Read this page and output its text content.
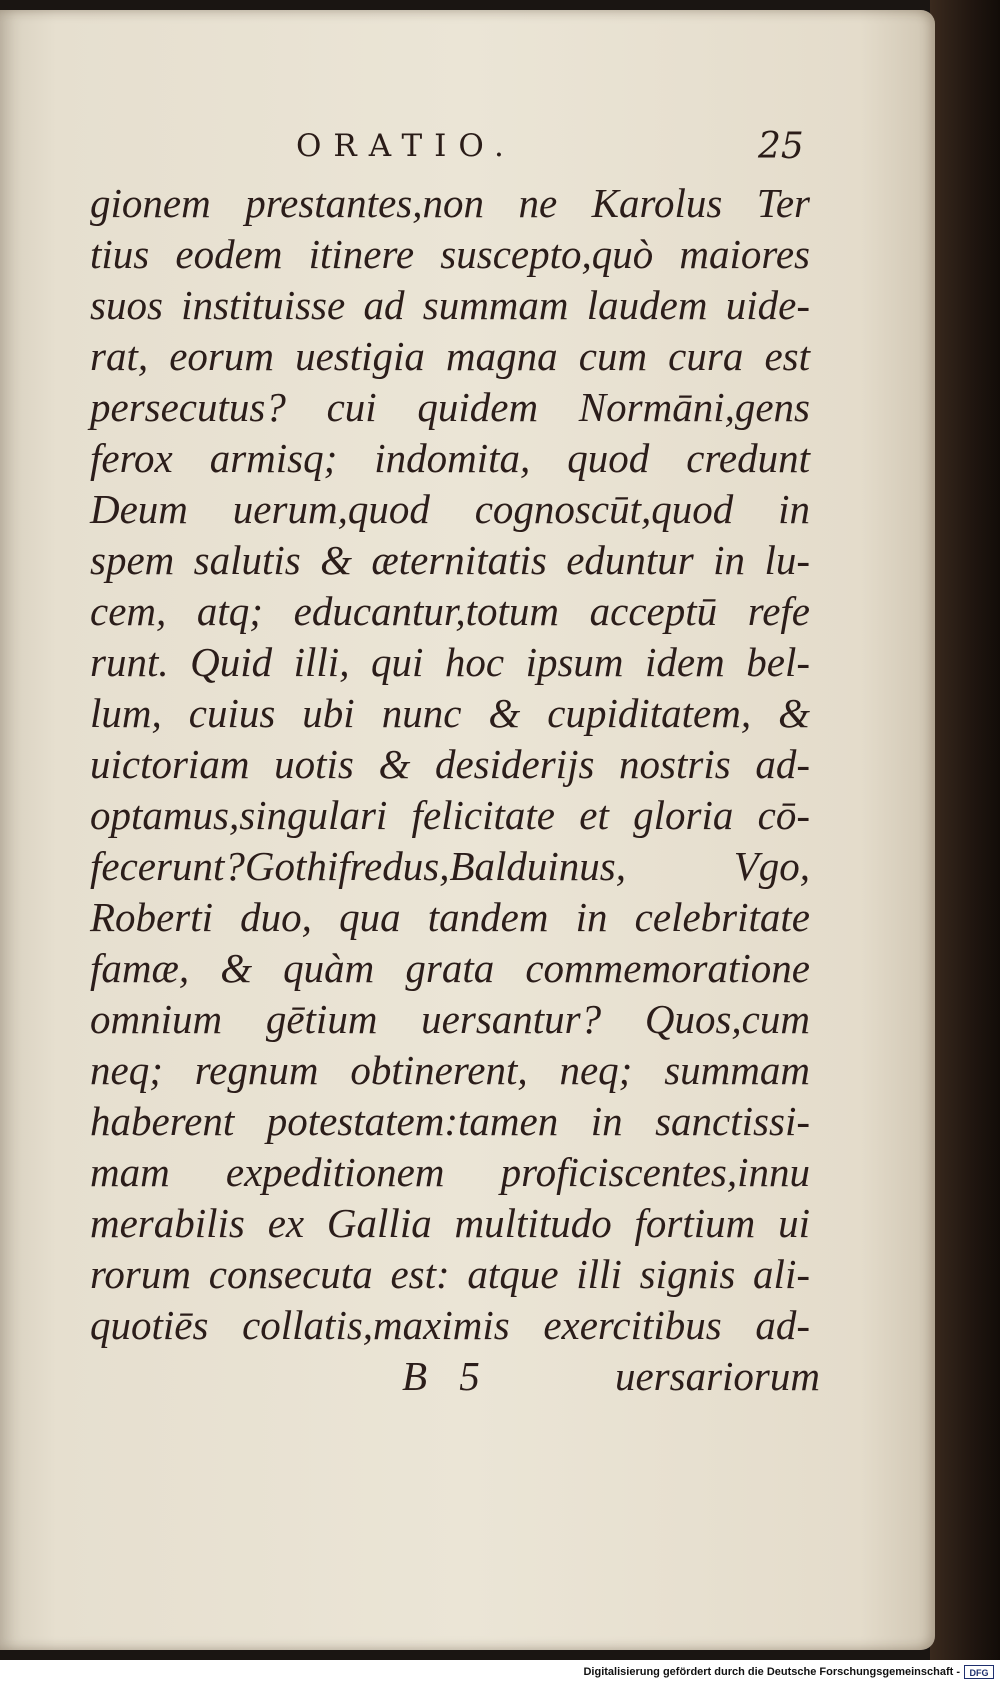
ORATIO.	25
gionem prestantes,non ne Karolus Ter
tius eodem itinere susсepto,quò maiores
suos instituisse ad summam laudem uide-
rat, eorum uestigia magna cum cura est
persecutus? cui quidem Normāni,gens
ferox armisq; indomita, quod credunt
Deum uerum,quod cognoscūt,quod in
spem salutis & æternitatis eduntur in lu-
cem, atq; educantur,totum acceptū refe
runt. Quid illi, qui hoc ipsum idem bel-
lum, cuius ubi nunc & cupiditatem, &
uictoriam uotis & desiderijs nostris ad-
optamus,singulari felicitate et gloria cō-
fecerunt?Gothifredus,Balduinus, Vgo,
Roberti duo, qua tandem in celebritate
famæ, & quàm grata commemoratione
omnium gētium uersantur? Quos,cum
neq; regnum obtinerent, neq; summam
haberent potestatem:tamen in sanctissi-
mam expeditionem proficiscentes,innu
merabilis ex Gallia multitudo fortium ui
rorum consecuta est: atque illi signis ali-
quotiēs collatis,maximis exercitibus ad-
B 5	uersariorum
Digitalisierung gefördert durch die Deutsche Forschungsgemeinschaft -	DFG
